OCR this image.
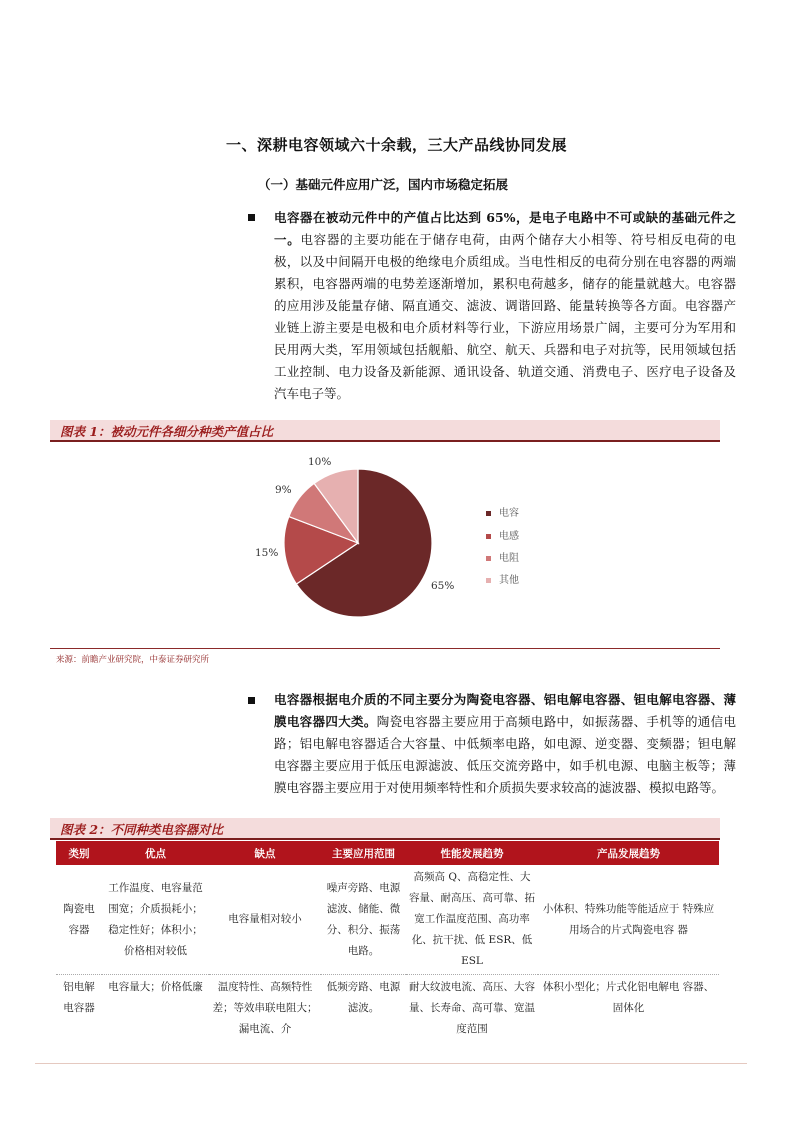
一、深耕电容领域六十余载，三大产品线协同发展
（一）基础元件应用广泛，国内市场稳定拓展
电容器在被动元件中的产值占比达到 65%，是电子电路中不可或缺的基础元件之一。电容器的主要功能在于储存电荷，由两个储存大小相等、符号相反电荷的电极，以及中间隔开电极的绝缘电介质组成。当电性相反的电荷分别在电容器的两端累积，电容器两端的电势差逐渐增加，累积电荷越多，储存的能量就越大。电容器的应用涉及能量存储、隔直通交、滤波、调谐回路、能量转换等各方面。电容器产业链上游主要是电极和电介质材料等行业，下游应用场景广阔，主要可分为军用和民用两大类，军用领域包括舰船、航空、航天、兵器和电子对抗等，民用领域包括工业控制、电力设备及新能源、通讯设备、轨道交通、消费电子、医疗电子设备及汽车电子等。
图表 1：被动元件各细分种类产值占比
65%
15%
9%
10%
电容
电感
电阻
其他
来源：前瞻产业研究院，中泰证券研究所
电容器根据电介质的不同主要分为陶瓷电容器、铝电解电容器、钽电解电容器、薄膜电容器四大类。陶瓷电容器主要应用于高频电路中，如振荡器、手机等的通信电路；铝电解电容器适合大容量、中低频率电路，如电源、逆变器、变频器；钽电解电容器主要应用于低压电源滤波、低压交流旁路中，如手机电源、电脑主板等；薄膜电容器主要应用于对使用频率特性和介质损失要求较高的滤波器、模拟电路等。
图表 2：不同种类电容器对比
类别	优点	缺点	主要应用范围	性能发展趋势	产品发展趋势
陶瓷电容器	工作温度、电容量范围宽；介质损耗小；稳定性好；体积小；价格相对较低	电容量相对较小	噪声旁路、电源滤波、储能、微分、积分、振荡电路。	高频高 Q、高稳定性、大容量、耐高压、高可靠、拓宽工作温度范围、高功率化、抗干扰、低 ESR、低 ESL	小体积、特殊功能等能适应于 特殊应用场合的片式陶瓷电容 器
铝电解电容器	电容量大；价格低廉	温度特性、高频特性差；等效串联电阻大；漏电流、介	低频旁路、电源滤波。	耐大纹波电流、高压、大容量、长寿命、高可靠、宽温度范围	体积小型化；片式化铝电解电 容器、固体化
